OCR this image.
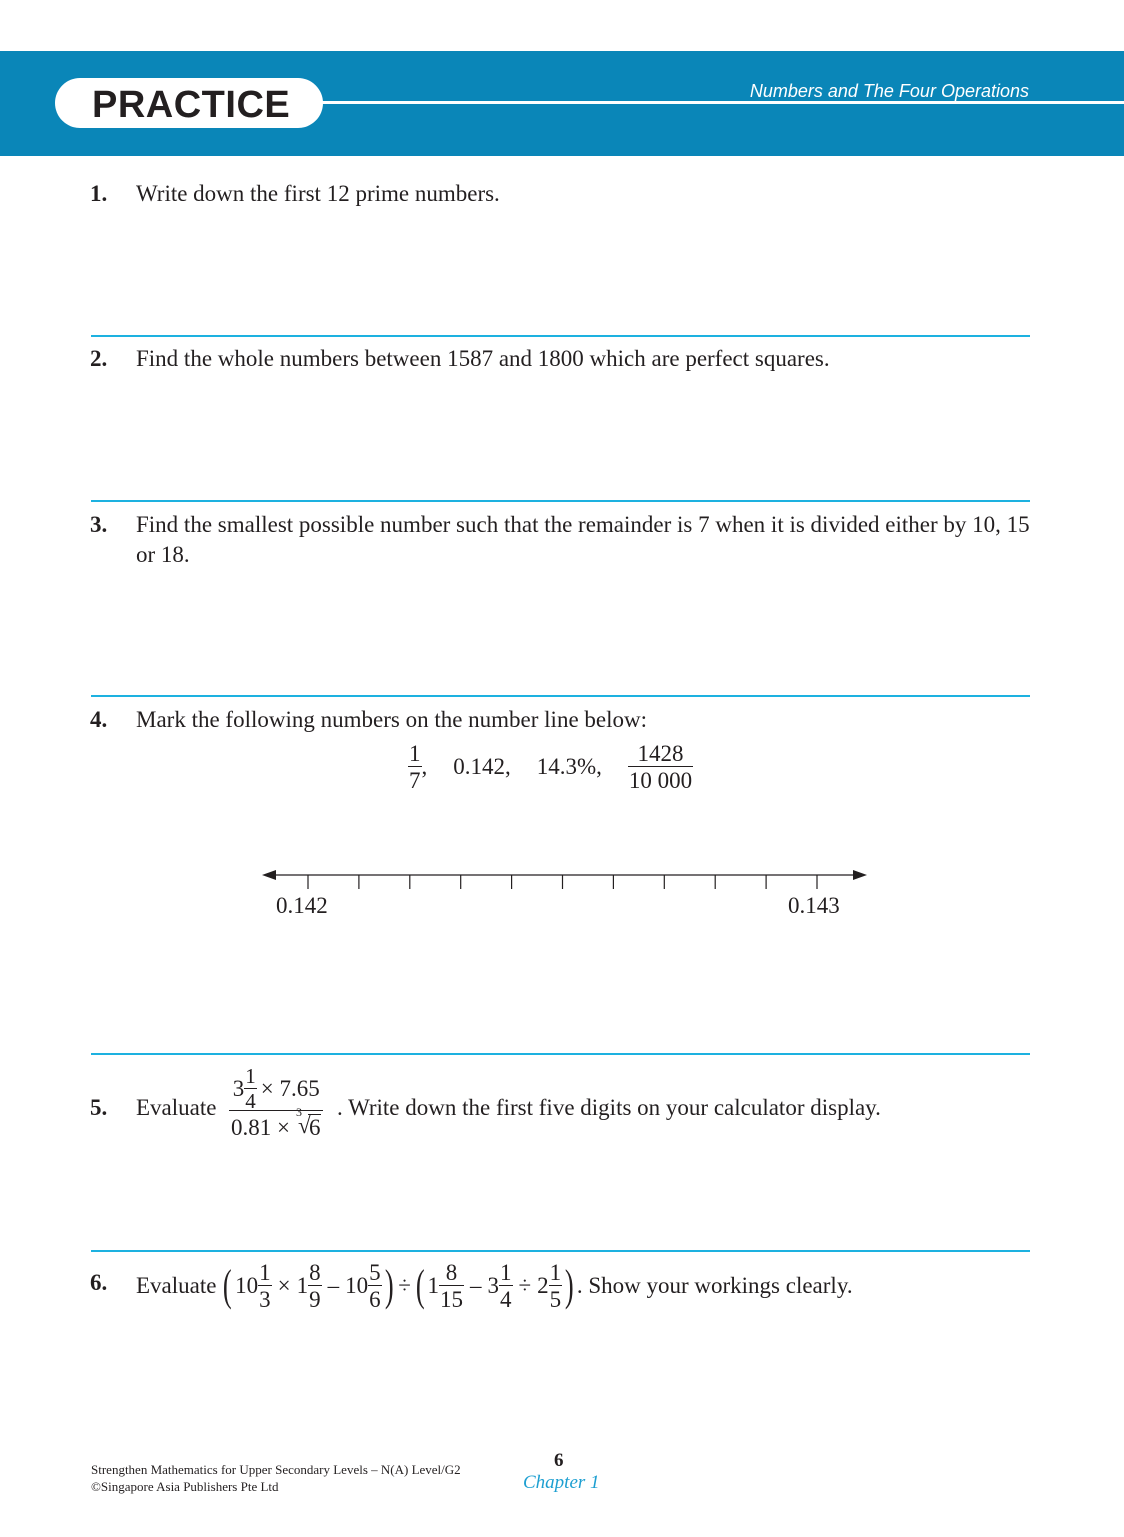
PRACTICE	Numbers and The Four Operations
1. Write down the first 12 prime numbers.
2. Find the whole numbers between 1587 and 1800 which are perfect squares.
3. Find the smallest possible number such that the remainder is 7 when it is divided either by 10, 15 or 18.
4. Mark the following numbers on the number line below:
$\frac{1}{7}$ , 0.142, 14.3%, $\frac{1428}{10 000}$
0.142	0.143
5. Evaluate $3 \frac{1}{4} \times 7.65$
0.81 ×
3
√
6 . Write down the first five digits on your calculator display.
6. Evaluate ( $10 \frac{1}{3} \times 1 \frac{8}{9} - 10 \frac{5}{6}$ ) ÷ ( $1 \frac{8}{15} - 3 \frac{1}{4} \div 2 \frac{1}{5}$ ) . Show your workings clearly.
Strengthen Mathematics for Upper Secondary Levels – N(A) Level/G2
©Singapore Asia Publishers Pte Ltd
6
Chapter 1
